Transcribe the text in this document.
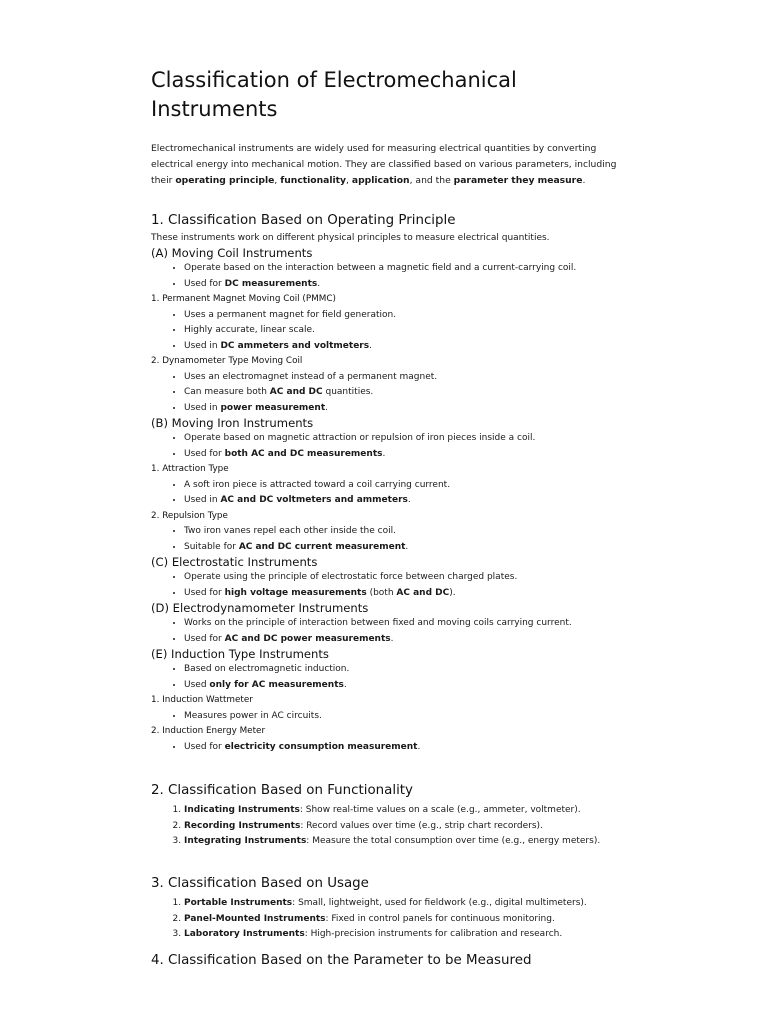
Classification of Electromechanical Instruments

Electromechanical instruments are widely used for measuring electrical quantities by converting electrical energy into mechanical motion. They are classified based on various parameters, including their operating principle, functionality, application, and the parameter they measure.

1. Classification Based on Operating Principle

These instruments work on different physical principles to measure electrical quantities.

(A) Moving Coil Instruments
• Operate based on the interaction between a magnetic field and a current-carrying coil.
• Used for DC measurements.
1. Permanent Magnet Moving Coil (PMMC)
• Uses a permanent magnet for field generation.
• Highly accurate, linear scale.
• Used in DC ammeters and voltmeters.
2. Dynamometer Type Moving Coil
• Uses an electromagnet instead of a permanent magnet.
• Can measure both AC and DC quantities.
• Used in power measurement.
(B) Moving Iron Instruments
• Operate based on magnetic attraction or repulsion of iron pieces inside a coil.
• Used for both AC and DC measurements.
1. Attraction Type
• A soft iron piece is attracted toward a coil carrying current.
• Used in AC and DC voltmeters and ammeters.
2. Repulsion Type
• Two iron vanes repel each other inside the coil.
• Suitable for AC and DC current measurement.
(C) Electrostatic Instruments
• Operate using the principle of electrostatic force between charged plates.
• Used for high voltage measurements (both AC and DC).
(D) Electrodynamometer Instruments
• Works on the principle of interaction between fixed and moving coils carrying current.
• Used for AC and DC power measurements.
(E) Induction Type Instruments
• Based on electromagnetic induction.
• Used only for AC measurements.
1. Induction Wattmeter
• Measures power in AC circuits.
2. Induction Energy Meter
• Used for electricity consumption measurement.
2. Classification Based on Functionality
1. Indicating Instruments: Show real-time values on a scale (e.g., ammeter, voltmeter).
2. Recording Instruments: Record values over time (e.g., strip chart recorders).
3. Integrating Instruments: Measure the total consumption over time (e.g., energy meters).
3. Classification Based on Usage
1. Portable Instruments: Small, lightweight, used for fieldwork (e.g., digital multimeters).
2. Panel-Mounted Instruments: Fixed in control panels for continuous monitoring.
3. Laboratory Instruments: High-precision instruments for calibration and research.
4. Classification Based on the Parameter to be Measured
